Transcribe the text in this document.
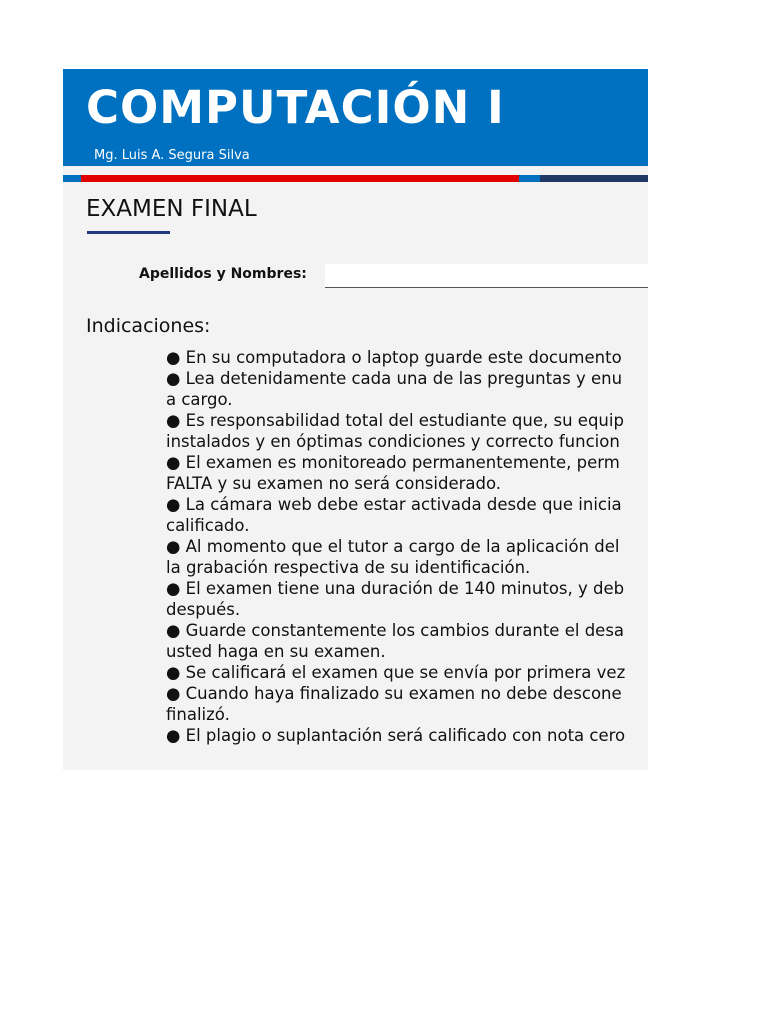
COMPUTACIÓN I
Mg. Luis A. Segura Silva
EXAMEN FINAL
Apellidos y Nombres:
Indicaciones:
● En su computadora o laptop guarde este documento
● Lea detenidamente cada una de las preguntas y enu
a cargo.
● Es responsabilidad total del estudiante que, su equip
instalados y en óptimas condiciones y correcto funcion
● El examen es monitoreado permanentemente, perm
FALTA y su examen no será considerado.
● La cámara web debe estar activada desde que inicia
calificado.
● Al momento que el tutor a cargo de la aplicación del
la grabación respectiva de su identificación.
● El examen tiene una duración de 140 minutos, y deb
después.
● Guarde constantemente los cambios durante el desa
usted haga en su examen.
● Se calificará el examen que se envía por primera vez
● Cuando haya finalizado su examen no debe descone
finalizó.
● El plagio o suplantación será calificado con nota cero
